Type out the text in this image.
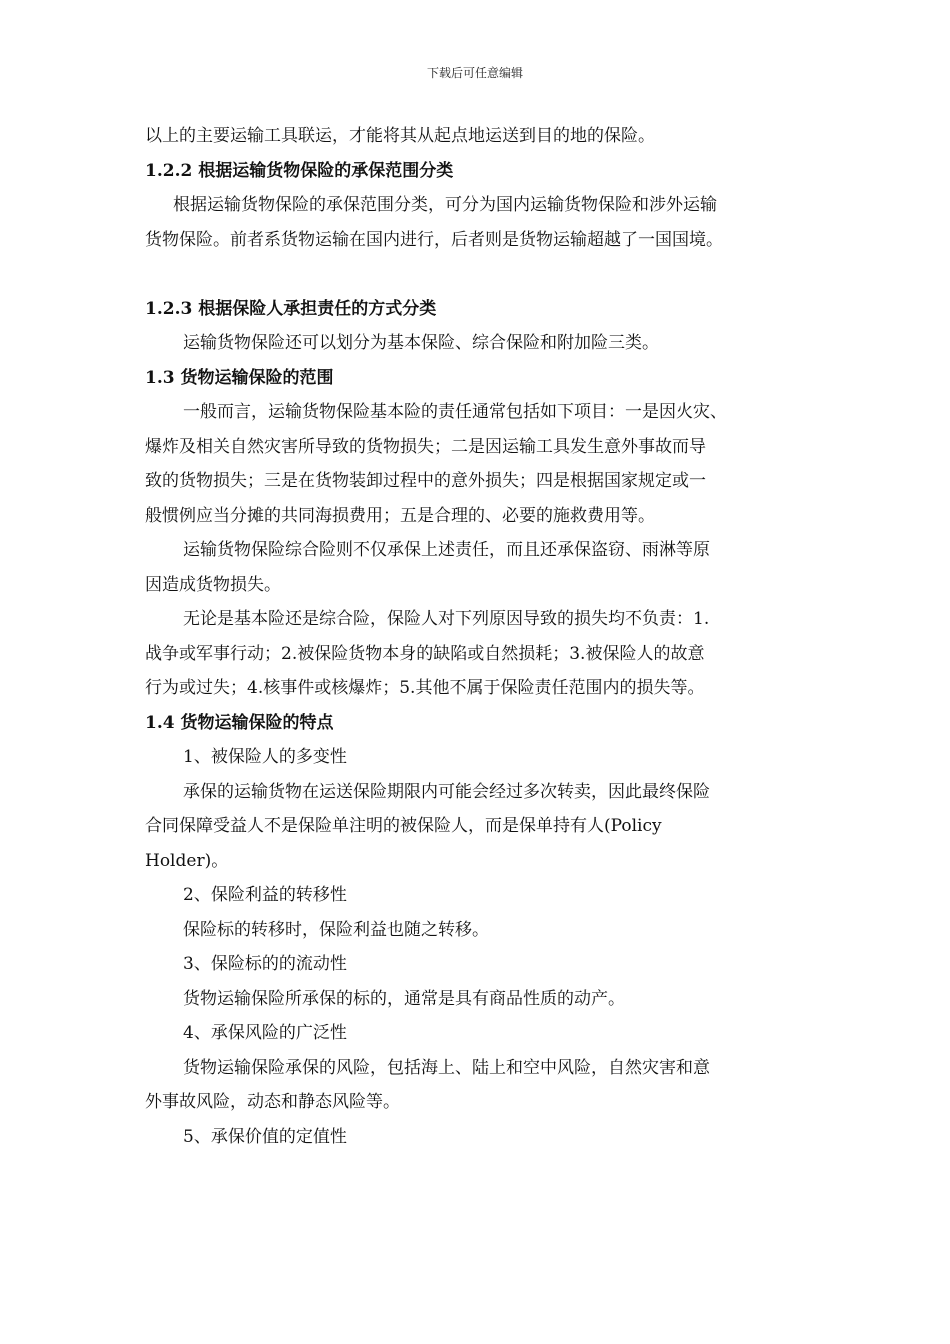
下载后可任意编辑
以上的主要运输工具联运，才能将其从起点地运送到目的地的保险。
1.2.2 根据运输货物保险的承保范围分类
根据运输货物保险的承保范围分类，可分为国内运输货物保险和涉外运输
货物保险。前者系货物运输在国内进行，后者则是货物运输超越了一国国境。
1.2.3 根据保险人承担责任的方式分类
运输货物保险还可以划分为基本保险、综合保险和附加险三类。
1.3 货物运输保险的范围
一般而言，运输货物保险基本险的责任通常包括如下项目：一是因火灾、
爆炸及相关自然灾害所导致的货物损失；二是因运输工具发生意外事故而导
致的货物损失；三是在货物装卸过程中的意外损失；四是根据国家规定或一
般惯例应当分摊的共同海损费用；五是合理的、必要的施救费用等。
运输货物保险综合险则不仅承保上述责任，而且还承保盗窃、雨淋等原
因造成货物损失。
无论是基本险还是综合险，保险人对下列原因导致的损失均不负责：1.
战争或军事行动；2.被保险货物本身的缺陷或自然损耗；3.被保险人的故意
行为或过失；4.核事件或核爆炸；5.其他不属于保险责任范围内的损失等。
1.4 货物运输保险的特点
1、被保险人的多变性
承保的运输货物在运送保险期限内可能会经过多次转卖，因此最终保险
合同保障受益人不是保险单注明的被保险人，而是保单持有人(Policy
Holder)。
2、保险利益的转移性
保险标的转移时，保险利益也随之转移。
3、保险标的的流动性
货物运输保险所承保的标的，通常是具有商品性质的动产。
4、承保风险的广泛性
货物运输保险承保的风险，包括海上、陆上和空中风险，自然灾害和意
外事故风险，动态和静态风险等。
5、承保价值的定值性
